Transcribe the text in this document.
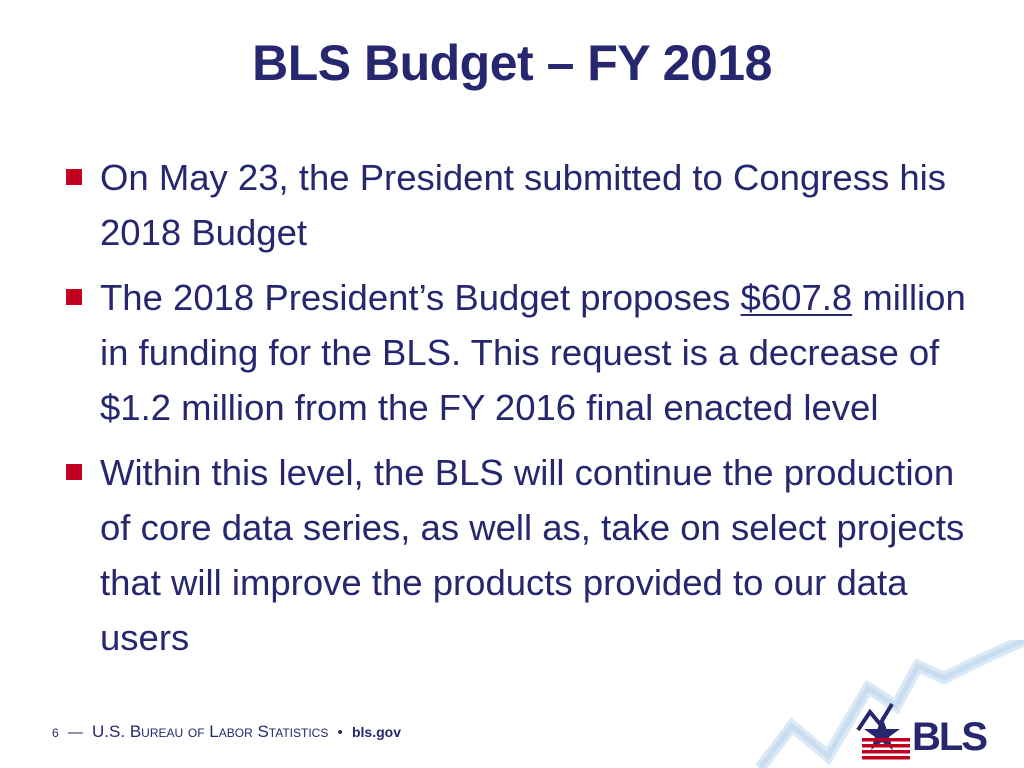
BLS Budget – FY 2018
On May 23, the President submitted to Congress his 2018 Budget
The 2018 President’s Budget proposes $607.8 million in funding for the BLS. This request is a decrease of $1.2 million from the FY 2016 final enacted level
Within this level, the BLS will continue the production of core data series, as well as, take on select projects that will improve the products provided to our data users
BLS
6 — U.S. Bureau of Labor Statistics • bls.gov
